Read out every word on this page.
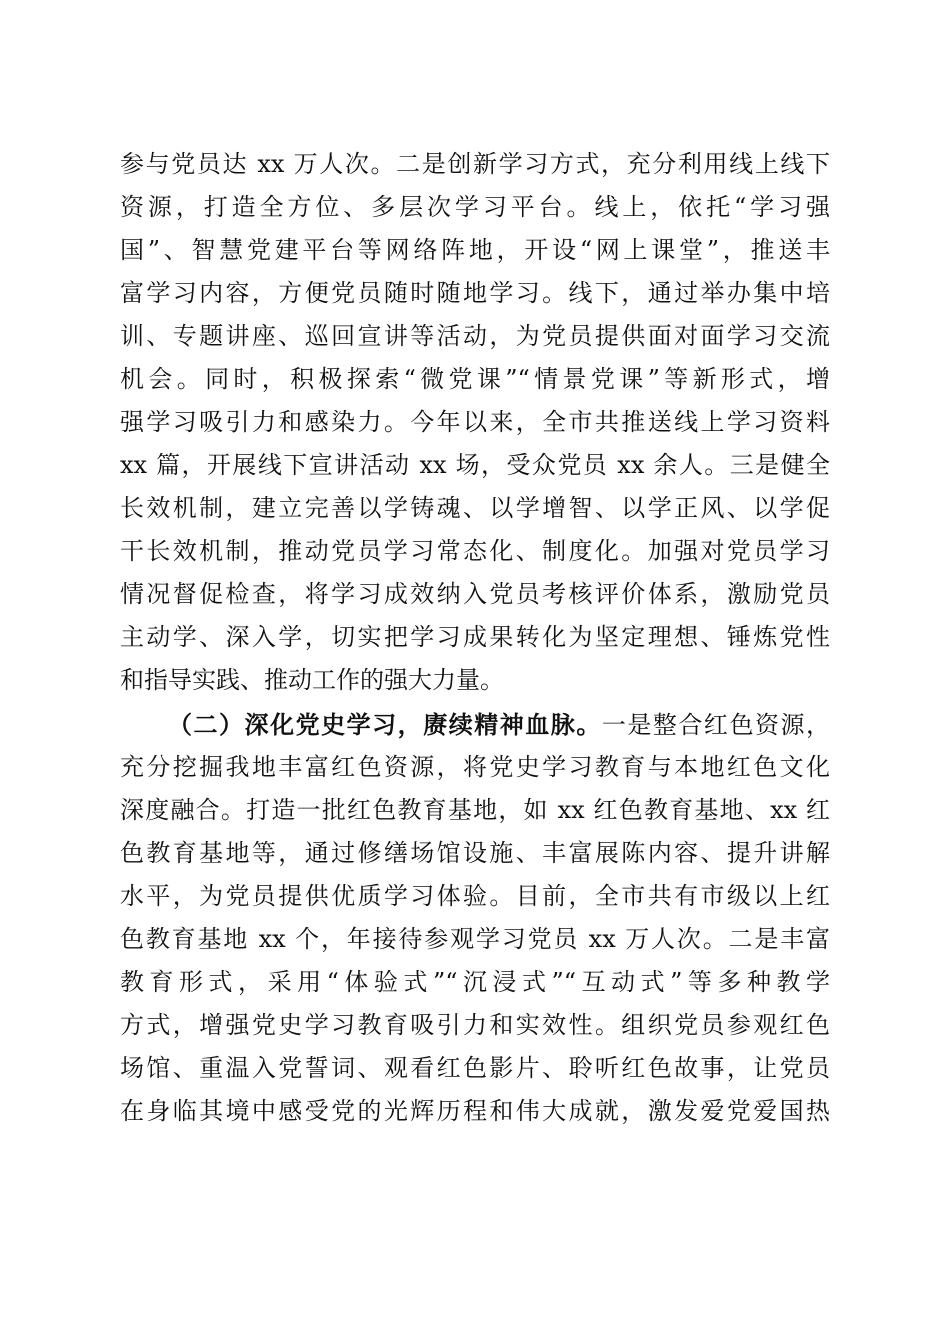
参与党员达 xx 万人次。二是创新学习方式，充分利用线上线下
资源，打造全方位、多层次学习平台。线上，依托“学习强
国”、智慧党建平台等网络阵地，开设“网上课堂”，推送丰
富学习内容，方便党员随时随地学习。线下，通过举办集中培
训、专题讲座、巡回宣讲等活动，为党员提供面对面学习交流
机会。同时，积极探索“微党课”“情景党课”等新形式，增
强学习吸引力和感染力。今年以来，全市共推送线上学习资料
xx 篇，开展线下宣讲活动 xx 场，受众党员 xx 余人。三是健全
长效机制，建立完善以学铸魂、以学增智、以学正风、以学促
干长效机制，推动党员学习常态化、制度化。加强对党员学习
情况督促检查，将学习成效纳入党员考核评价体系，激励党员
主动学、深入学，切实把学习成果转化为坚定理想、锤炼党性
和指导实践、推动工作的强大力量。
（二）深化党史学习，赓续精神血脉。一是整合红色资源，
充分挖掘我地丰富红色资源，将党史学习教育与本地红色文化
深度融合。打造一批红色教育基地，如 xx 红色教育基地、xx 红
色教育基地等，通过修缮场馆设施、丰富展陈内容、提升讲解
水平，为党员提供优质学习体验。目前，全市共有市级以上红
色教育基地 xx 个，年接待参观学习党员 xx 万人次。二是丰富
教育形式，采用“体验式”“沉浸式”“互动式”等多种教学
方式，增强党史学习教育吸引力和实效性。组织党员参观红色
场馆、重温入党誓词、观看红色影片、聆听红色故事，让党员
在身临其境中感受党的光辉历程和伟大成就，激发爱党爱国热
